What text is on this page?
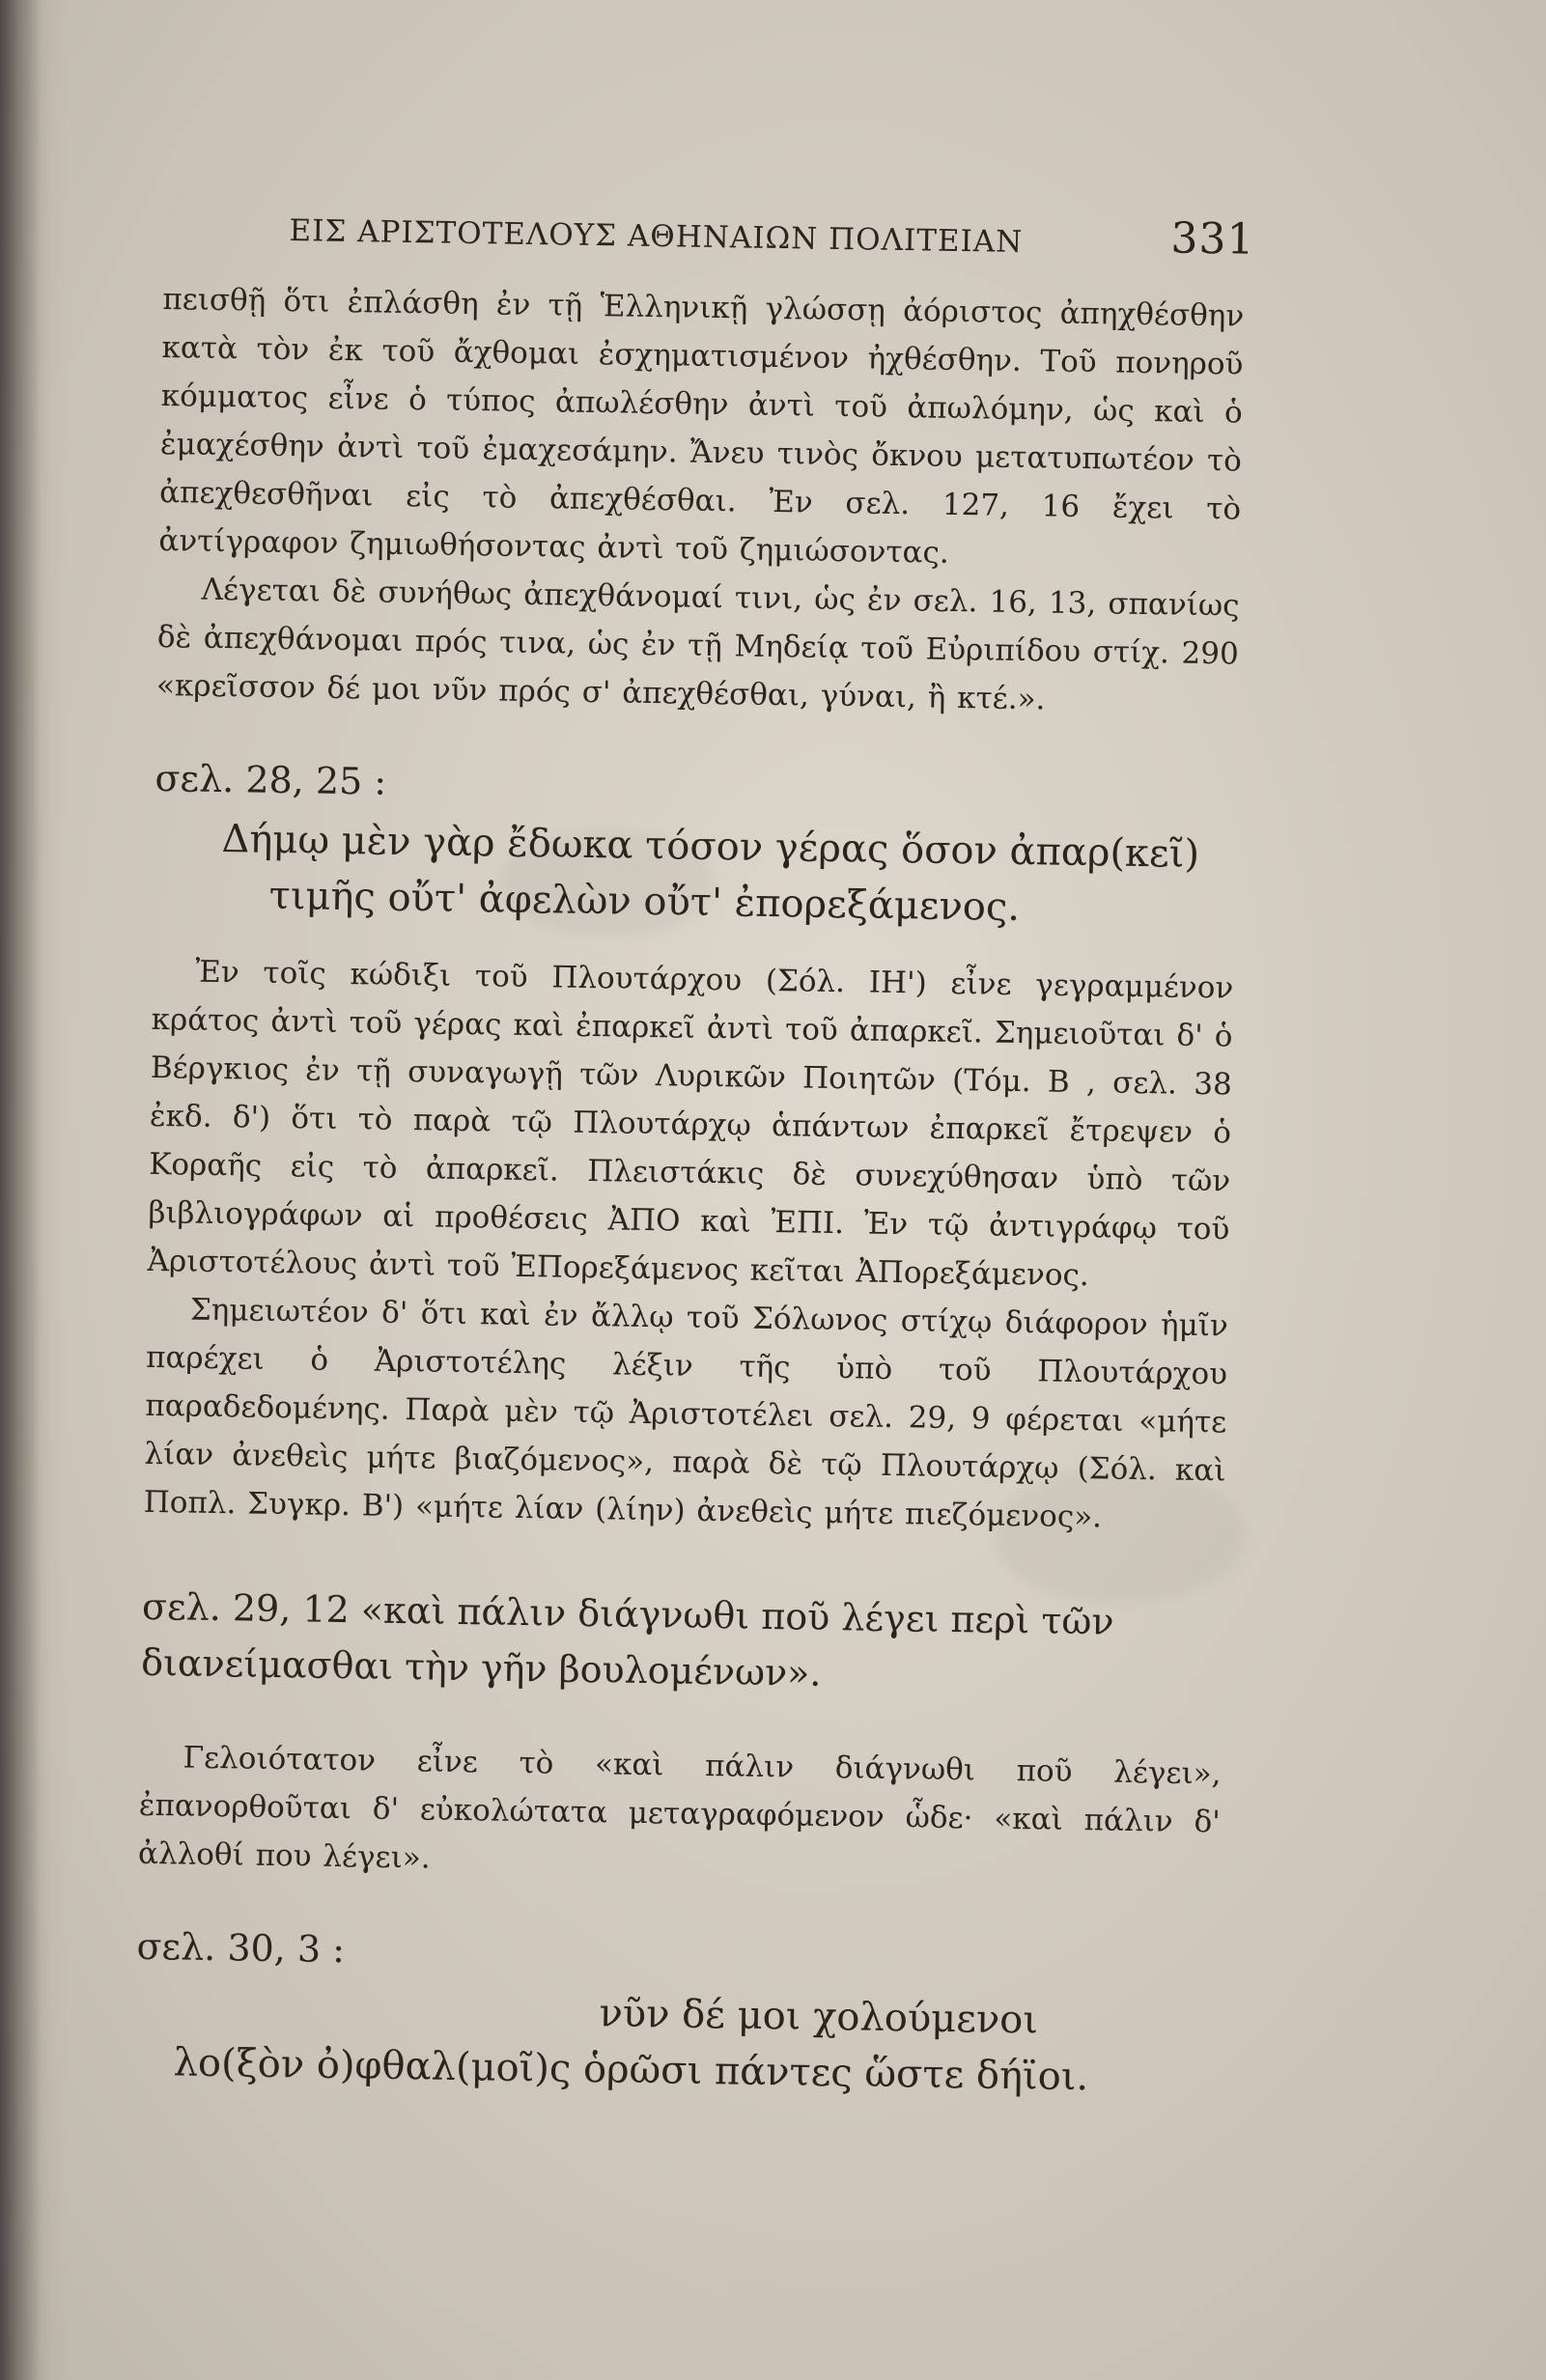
ΕΙΣ ΑΡΙΣΤΟΤΕΛΟΥΣ ΑΘΗΝΑΙΩΝ ΠΟΛΙΤΕΙΑΝ	331

πεισθῇ ὅτι ἐπλάσθη ἐν τῇ Ἑλληνικῇ γλώσσῃ ἀόριστος ἀπηχθέσθην κατὰ τὸν ἐκ τοῦ ἄχθομαι ἐσχηματισμένον ἠχθέσθην. Τοῦ πονηροῦ κόμματος εἶνε ὁ τύπος ἀπωλέσθην ἀντὶ τοῦ ἀπωλόμην, ὡς καὶ ὁ ἐμαχέσθην ἀντὶ τοῦ ἐμαχεσάμην. Ἄνευ τινὸς ὄκνου μετατυπωτέον τὸ ἀπεχθεσθῆναι εἰς τὸ ἀπεχθέσθαι. Ἐν σελ. 127, 16 ἔχει τὸ ἀντίγραφον ζημιωθήσοντας ἀντὶ τοῦ ζημιώσοντας.

Λέγεται δὲ συνήθως ἀπεχθάνομαί τινι, ὡς ἐν σελ. 16, 13, σπανίως δὲ ἀπεχθάνομαι πρός τινα, ὡς ἐν τῇ Μηδείᾳ τοῦ Εὐριπίδου στίχ. 290 «κρεῖσσον δέ μοι νῦν πρός σ' ἀπεχθέσθαι, γύναι, ἢ κτέ.».

σελ. 28, 25 :

Δήμῳ μὲν γὰρ ἔδωκα τόσον γέρας ὅσον ἀπαρ(κεῖ)

τιμῆς οὔτ' ἀφελὼν οὔτ' ἐπορεξάμενος.

Ἐν τοῖς κώδιξι τοῦ Πλουτάρχου (Σόλ. ΙΗ') εἶνε γεγραμμένον κράτος ἀντὶ τοῦ γέρας καὶ ἐπαρκεῖ ἀντὶ τοῦ ἀπαρκεῖ. Σημειοῦται δ' ὁ Βέργκιος ἐν τῇ συναγωγῇ τῶν Λυρικῶν Ποιητῶν (Τόμ. Β , σελ. 38 ἐκδ. δ') ὅτι τὸ παρὰ τῷ Πλουτάρχῳ ἁπάντων ἐπαρκεῖ ἔτρεψεν ὁ Κοραῆς εἰς τὸ ἀπαρκεῖ. Πλειστάκις δὲ συνεχύθησαν ὑπὸ τῶν βιβλιογράφων αἱ προθέσεις ἈΠΟ καὶ ἘΠΙ. Ἐν τῷ ἀντιγράφῳ τοῦ Ἀριστοτέλους ἀντὶ τοῦ ἘΠορεξάμενος κεῖται ἈΠορεξάμενος.

Σημειωτέον δ' ὅτι καὶ ἐν ἄλλῳ τοῦ Σόλωνος στίχῳ διάφορον ἡμῖν παρέχει ὁ Ἀριστοτέλης λέξιν τῆς ὑπὸ τοῦ Πλουτάρχου παραδεδομένης. Παρὰ μὲν τῷ Ἀριστοτέλει σελ. 29, 9 φέρεται «μήτε λίαν ἀνεθεὶς μήτε βιαζόμενος», παρὰ δὲ τῷ Πλουτάρχῳ (Σόλ. καὶ Ποπλ. Συγκρ. Β') «μήτε λίαν (λίην) ἀνεθεὶς μήτε πιεζόμενος».

σελ. 29, 12 «καὶ πάλιν διάγνωθι ποῦ λέγει περὶ τῶν διανείμασθαι τὴν γῆν βουλομένων».

Γελοιότατον εἶνε τὸ «καὶ πάλιν διάγνωθι ποῦ λέγει», ἐπανορθοῦται δ' εὐκολώτατα μεταγραφόμενον ὧδε· «καὶ πάλιν δ' ἀλλοθί που λέγει».

σελ. 30, 3 :

νῦν δέ μοι χολούμενοι

λο(ξὸν ὀ)φθαλ(μοῖ)ς ὁρῶσι πάντες ὥστε δήϊοι.
